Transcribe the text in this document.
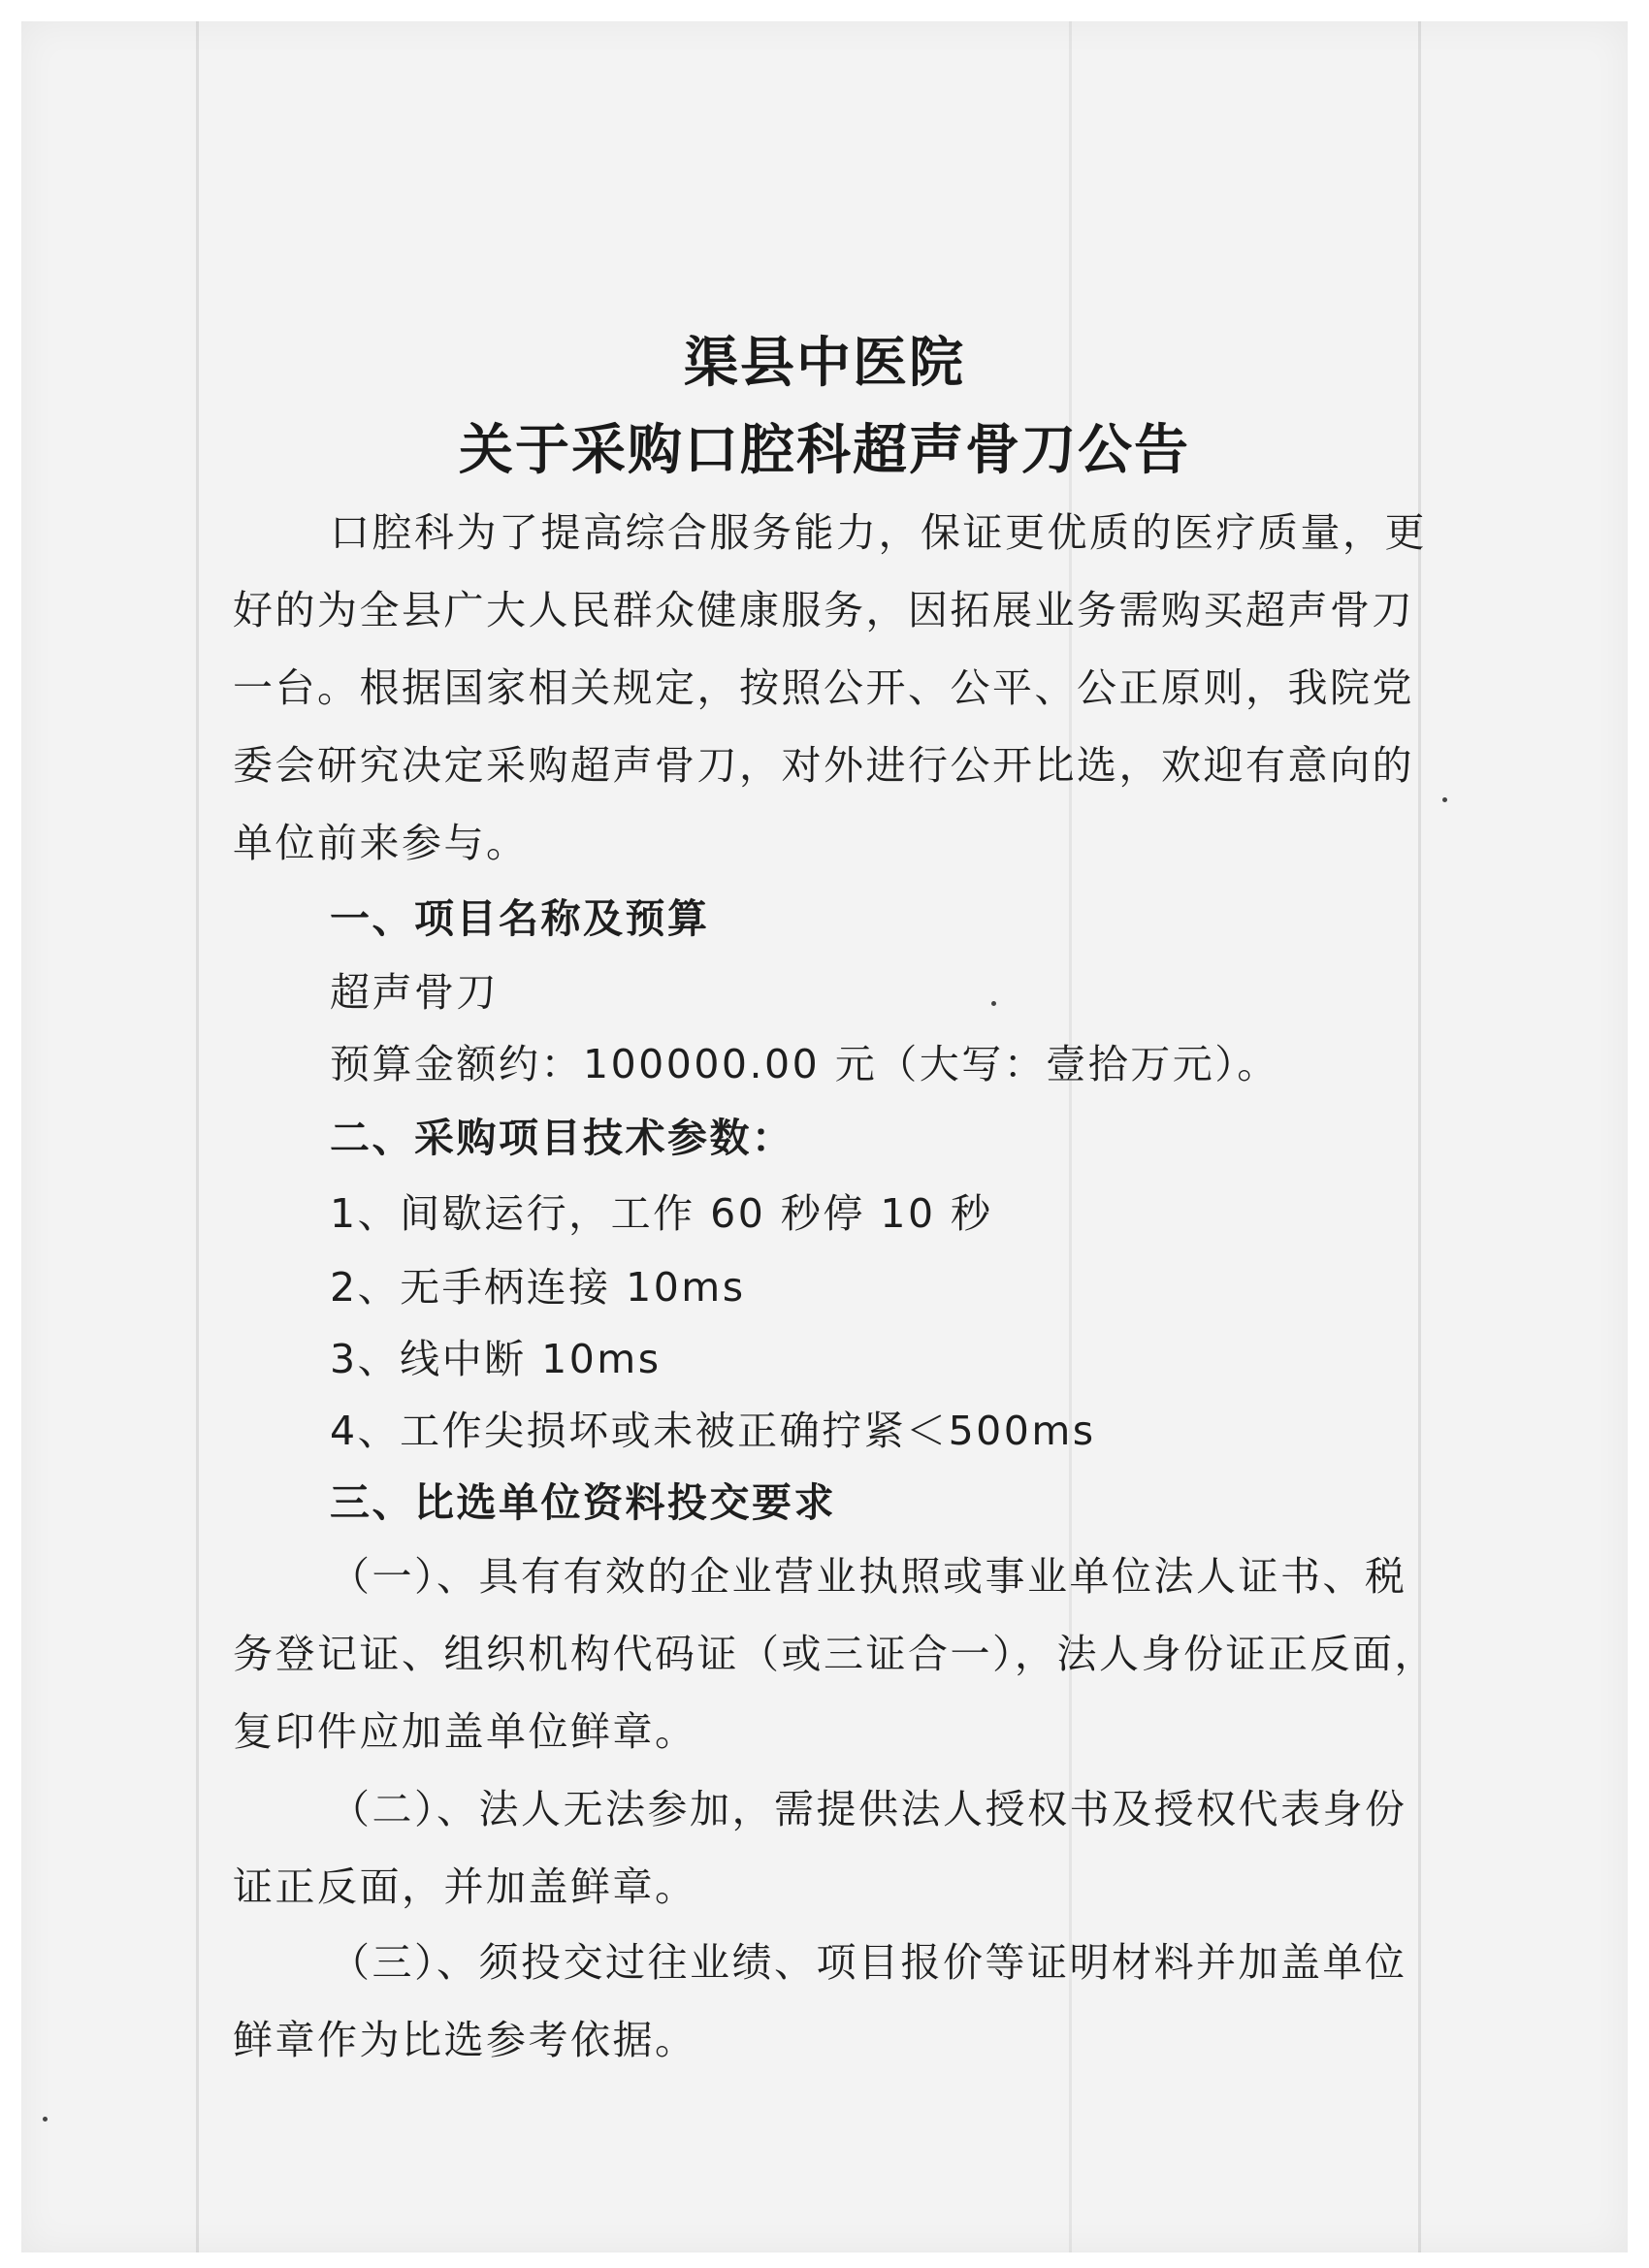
渠县中医院
关于采购口腔科超声骨刀公告
口腔科为了提高综合服务能力，保证更优质的医疗质量，更
好的为全县广大人民群众健康服务，因拓展业务需购买超声骨刀
一台。根据国家相关规定，按照公开、公平、公正原则，我院党
委会研究决定采购超声骨刀，对外进行公开比选，欢迎有意向的
单位前来参与。
一、项目名称及预算
超声骨刀
预算金额约：100000.00 元（大写：壹拾万元）。
二、采购项目技术参数：
1、间歇运行，工作 60 秒停 10 秒
2、无手柄连接 10ms
3、线中断 10ms
4、工作尖损坏或未被正确拧紧＜500ms
三、比选单位资料投交要求
（一）、具有有效的企业营业执照或事业单位法人证书、税
务登记证、组织机构代码证（或三证合一），法人身份证正反面，
复印件应加盖单位鲜章。
（二）、法人无法参加，需提供法人授权书及授权代表身份
证正反面，并加盖鲜章。
（三）、须投交过往业绩、项目报价等证明材料并加盖单位
鲜章作为比选参考依据。
